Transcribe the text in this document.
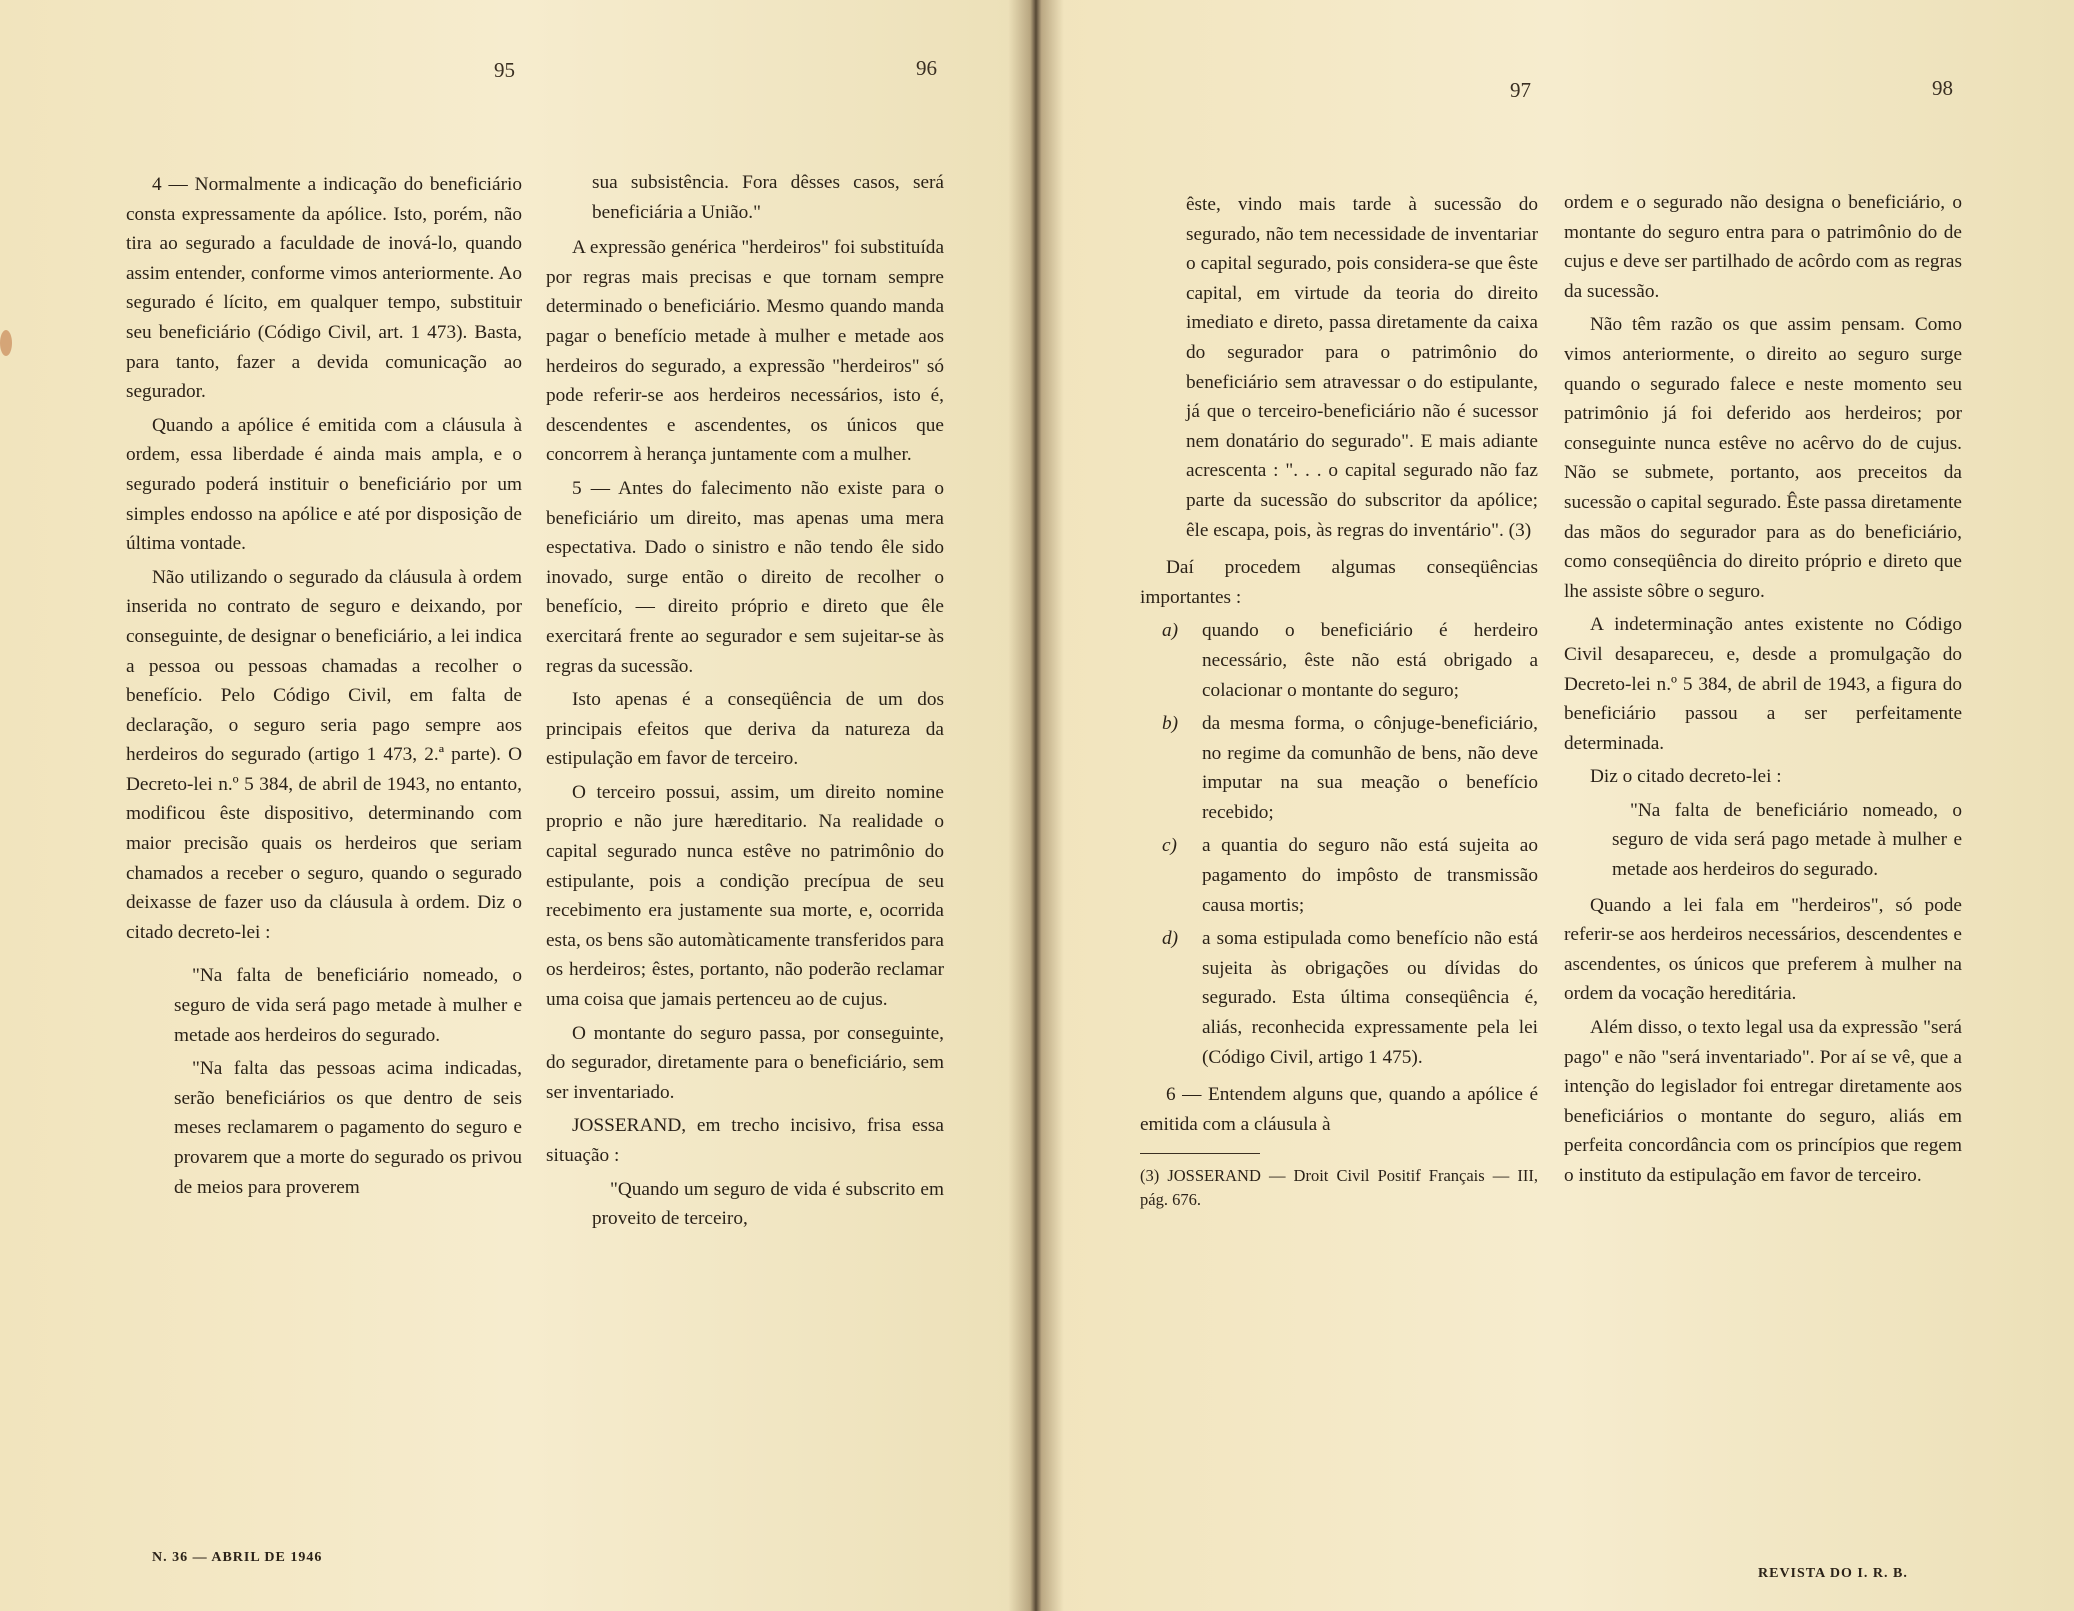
95

4 — Normalmente a indicação do beneficiário consta expressamente da apólice. Isto, porém, não tira ao segurado a faculdade de inová-lo, quando assim entender, conforme vimos anteriormente. Ao segurado é lícito, em qualquer tempo, substituir seu beneficiário (Código Civil, art. 1 473). Basta, para tanto, fazer a devida comunicação ao segurador.

Quando a apólice é emitida com a cláusula à ordem, essa liberdade é ainda mais ampla, e o segurado poderá instituir o beneficiário por um simples endosso na apólice e até por disposição de última vontade.

Não utilizando o segurado da cláusula à ordem inserida no contrato de seguro e deixando, por conseguinte, de designar o beneficiário, a lei indica a pessoa ou pessoas chamadas a recolher o benefício. Pelo Código Civil, em falta de declaração, o seguro seria pago sempre aos herdeiros do segurado (artigo 1 473, 2.ª parte). O Decreto-lei n.º 5 384, de abril de 1943, no entanto, modificou êste dispositivo, determinando com maior precisão quais os herdeiros que seriam chamados a receber o seguro, quando o segurado deixasse de fazer uso da cláusula à ordem. Diz o citado decreto-lei :

"Na falta de beneficiário nomeado, o seguro de vida será pago metade à mulher e metade aos herdeiros do segurado.

"Na falta das pessoas acima indicadas, serão beneficiários os que dentro de seis meses reclamarem o pagamento do seguro e provarem que a morte do segurado os privou de meios para proverem

N. 36 — ABRIL DE 1946
96

sua subsistência. Fora dêsses casos, será beneficiária a União."

A expressão genérica "herdeiros" foi substituída por regras mais precisas e que tornam sempre determinado o beneficiário. Mesmo quando manda pagar o benefício metade à mulher e metade aos herdeiros do segurado, a expressão "herdeiros" só pode referir-se aos herdeiros necessários, isto é, descendentes e ascendentes, os únicos que concorrem à herança juntamente com a mulher.

5 — Antes do falecimento não existe para o beneficiário um direito, mas apenas uma mera espectativa. Dado o sinistro e não tendo êle sido inovado, surge então o direito de recolher o benefício, — direito próprio e direto que êle exercitará frente ao segurador e sem sujeitar-se às regras da sucessão.

Isto apenas é a conseqüência de um dos principais efeitos que deriva da natureza da estipulação em favor de terceiro.

O terceiro possui, assim, um direito nomine proprio e não jure hæreditario. Na realidade o capital segurado nunca estêve no patrimônio do estipulante, pois a condição precípua de seu recebimento era justamente sua morte, e, ocorrida esta, os bens são automàticamente transferidos para os herdeiros; êstes, portanto, não poderão reclamar uma coisa que jamais pertenceu ao de cujus.

O montante do seguro passa, por conseguinte, do segurador, diretamente para o beneficiário, sem ser inventariado.

JOSSERAND, em trecho incisivo, frisa essa situação :

"Quando um seguro de vida é subscrito em proveito de terceiro,

97

êste, vindo mais tarde à sucessão do segurado, não tem necessidade de inventariar o capital segurado, pois considera-se que êste capital, em virtude da teoria do direito imediato e direto, passa diretamente da caixa do segurador para o patrimônio do beneficiário sem atravessar o do estipulante, já que o terceiro-beneficiário não é sucessor nem donatário do segurado". E mais adiante acrescenta : ". . . o capital segurado não faz parte da sucessão do subscritor da apólice; êle escapa, pois, às regras do inventário". (3)

Daí procedem algumas conseqüências importantes :

a)	quando o beneficiário é herdeiro necessário, êste não está obrigado a colacionar o montante do seguro;
b)	da mesma forma, o cônjuge-beneficiário, no regime da comunhão de bens, não deve imputar na sua meação o benefício recebido;
c)	a quantia do seguro não está sujeita ao pagamento do impôsto de transmissão causa mortis;
d)	a soma estipulada como benefício não está sujeita às obrigações ou dívidas do segurado. Esta última conseqüência é, aliás, reconhecida expressamente pela lei (Código Civil, artigo 1 475).

6 — Entendem alguns que, quando a apólice é emitida com a cláusula à

(3) JOSSERAND — Droit Civil Positif Français — III, pág. 676.

98

ordem e o segurado não designa o beneficiário, o montante do seguro entra para o patrimônio do de cujus e deve ser partilhado de acôrdo com as regras da sucessão.

Não têm razão os que assim pensam. Como vimos anteriormente, o direito ao seguro surge quando o segurado falece e neste momento seu patrimônio já foi deferido aos herdeiros; por conseguinte nunca estêve no acêrvo do de cujus. Não se submete, portanto, aos preceitos da sucessão o capital segurado. Êste passa diretamente das mãos do segurador para as do beneficiário, como conseqüência do direito próprio e direto que lhe assiste sôbre o seguro.

A indeterminação antes existente no Código Civil desapareceu, e, desde a promulgação do Decreto-lei n.º 5 384, de abril de 1943, a figura do beneficiário passou a ser perfeitamente determinada.

Diz o citado decreto-lei :

"Na falta de beneficiário nomeado, o seguro de vida será pago metade à mulher e metade aos herdeiros do segurado.

Quando a lei fala em "herdeiros", só pode referir-se aos herdeiros necessários, descendentes e ascendentes, os únicos que preferem à mulher na ordem da vocação hereditária.

Além disso, o texto legal usa da expressão "será pago" e não "será inventariado". Por aí se vê, que a intenção do legislador foi entregar diretamente aos beneficiários o montante do seguro, aliás em perfeita concordância com os princípios que regem o instituto da estipulação em favor de terceiro.

REVISTA DO I. R. B.
